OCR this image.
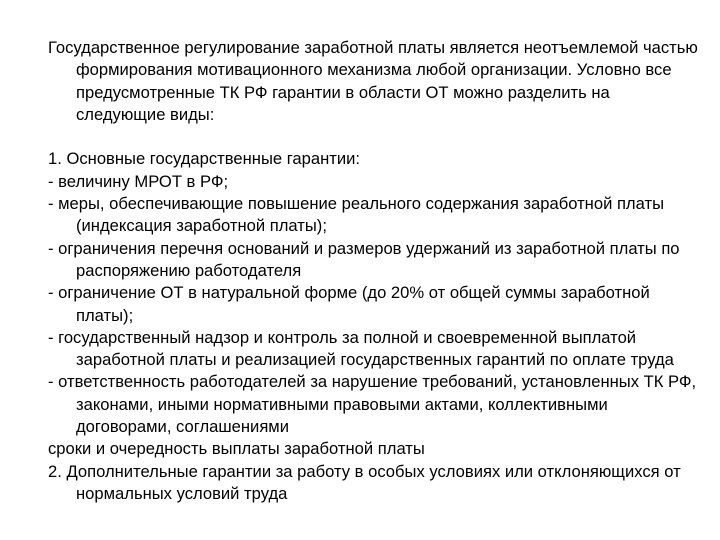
Государственное регулирование заработной платы является неотъемлемой частью формирования мотивационного механизма любой организации. Условно все предусмотренные ТК РФ гарантии в области ОТ можно разделить на следующие виды:

1. Основные государственные гарантии:

- величину МРОТ в РФ;

- меры, обеспечивающие повышение реального содержания заработной платы (индексация заработной платы);

- ограничения перечня оснований и размеров удержаний из заработной платы по распоряжению работодателя

- ограничение ОТ в натуральной форме (до 20% от общей суммы заработной платы);

- государственный надзор и контроль за полной и своевременной выплатой заработной платы и реализацией государственных гарантий по оплате труда

- ответственность работодателей за нарушение требований, установленных ТК РФ, законами, иными нормативными правовыми актами, коллективными договорами, соглашениями

сроки и очередность выплаты заработной платы

2. Дополнительные гарантии за работу в особых условиях или отклоняющихся от нормальных условий труда
